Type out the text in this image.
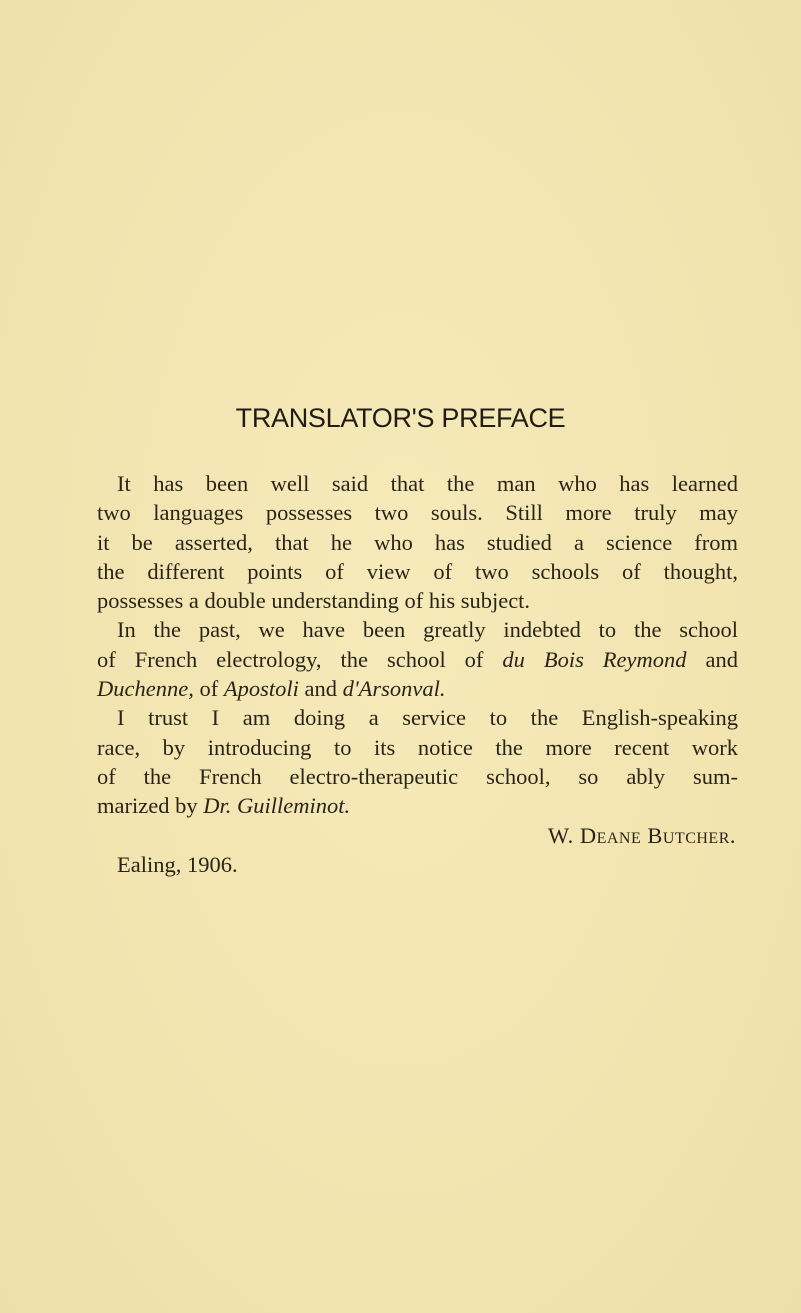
TRANSLATOR'S PREFACE
It has been well said that the man who has learned
two languages possesses two souls. Still more truly may
it be asserted, that he who has studied a science from
the different points of view of two schools of thought,
possesses a double understanding of his subject.
In the past, we have been greatly indebted to the school
of French electrology, the school of du Bois Reymond and
Duchenne, of Apostoli and d'Arsonval.
I trust I am doing a service to the English-speaking
race, by introducing to its notice the more recent work
of the French electro-therapeutic school, so ably sum-
marized by Dr. Guilleminot.
W. Deane Butcher.
Ealing, 1906.
